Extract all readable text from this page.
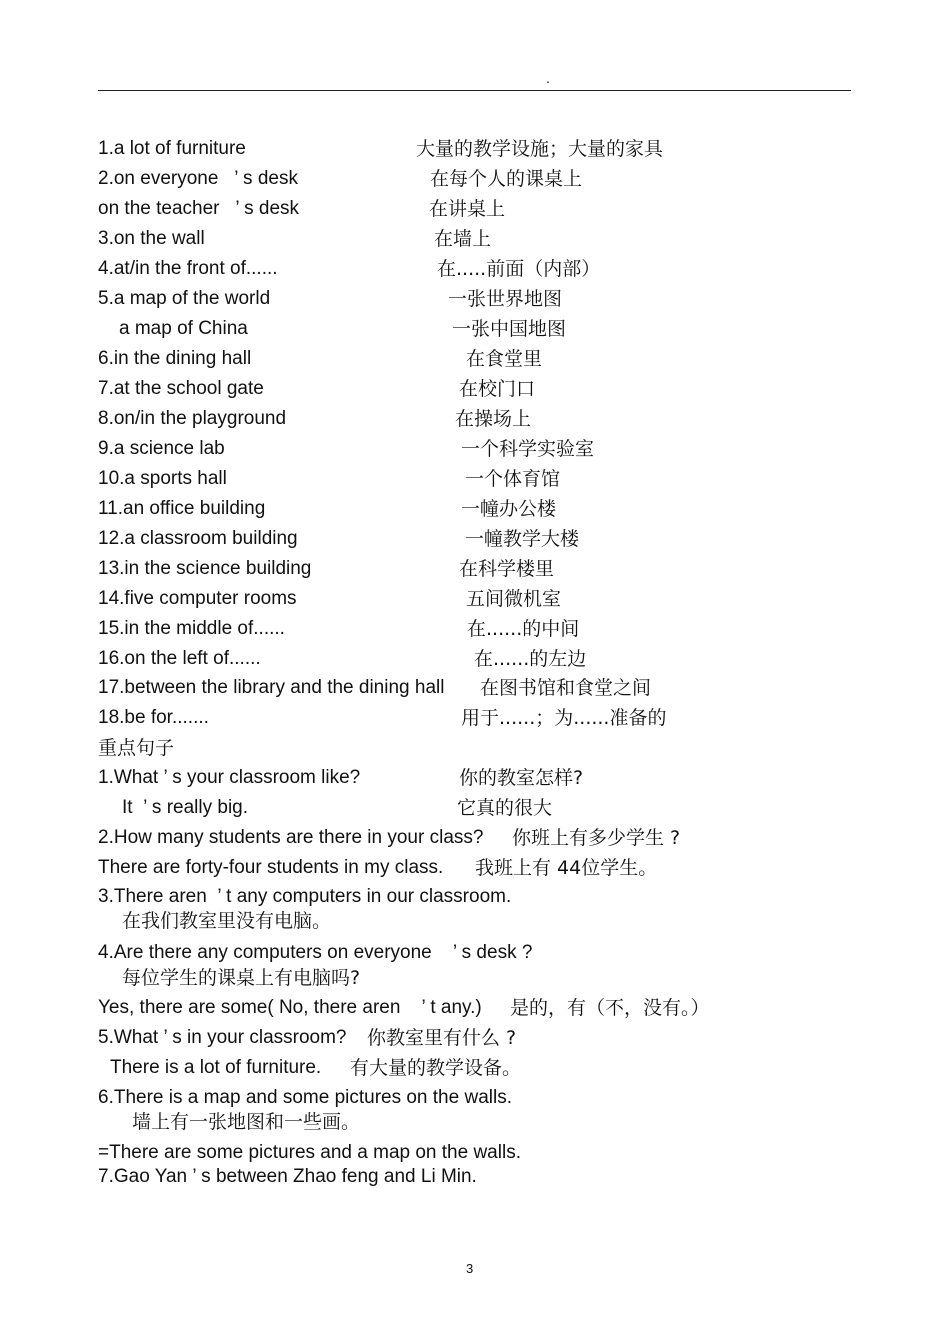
.
1.a lot of furniture	大量的教学设施；大量的家具
2.on everyone   ’ s desk	在每个人的课桌上
on the teacher   ’ s desk	在讲桌上
3.on the wall	在墙上
4.at/in the front of......	在.....前面（内部）
5.a map of the world	一张世界地图
a map of China	一张中国地图
6.in the dining hall	在食堂里
7.at the school gate	在校门口
8.on/in the playground	在操场上
9.a science lab	一个科学实验室
10.a sports hall	一个体育馆
11.an office building	一幢办公楼
12.a classroom building	一幢教学大楼
13.in the science building	在科学楼里
14.five computer rooms	五间微机室
15.in the middle of......	在......的中间
16.on the left of......	在......的左边
17.between the library and the dining hall 在图书馆和食堂之间
18.be for.......	用于......；为......准备的
重点句子
1.What ’ s your classroom like?	你的教室怎样?
It  ’ s really big.	它真的很大
2.How many students are there in your class? 你班上有多少学生 ?
There are forty-four students in my class. 我班上有 44位学生。
3.There aren  ’ t any computers in our classroom.
在我们教室里没有电脑。
4.Are there any computers on everyone    ’ s desk ?
每位学生的课桌上有电脑吗?
Yes, there are some( No, there aren    ’ t any.) 是的，有（不，没有。）
5.What ’ s in your classroom? 你教室里有什么 ?
There is a lot of furniture. 有大量的教学设备。
6.There is a map and some pictures on the walls.
墙上有一张地图和一些画。
=There are some pictures and a map on the walls.
7.Gao Yan ’ s between Zhao feng and Li Min.
3
